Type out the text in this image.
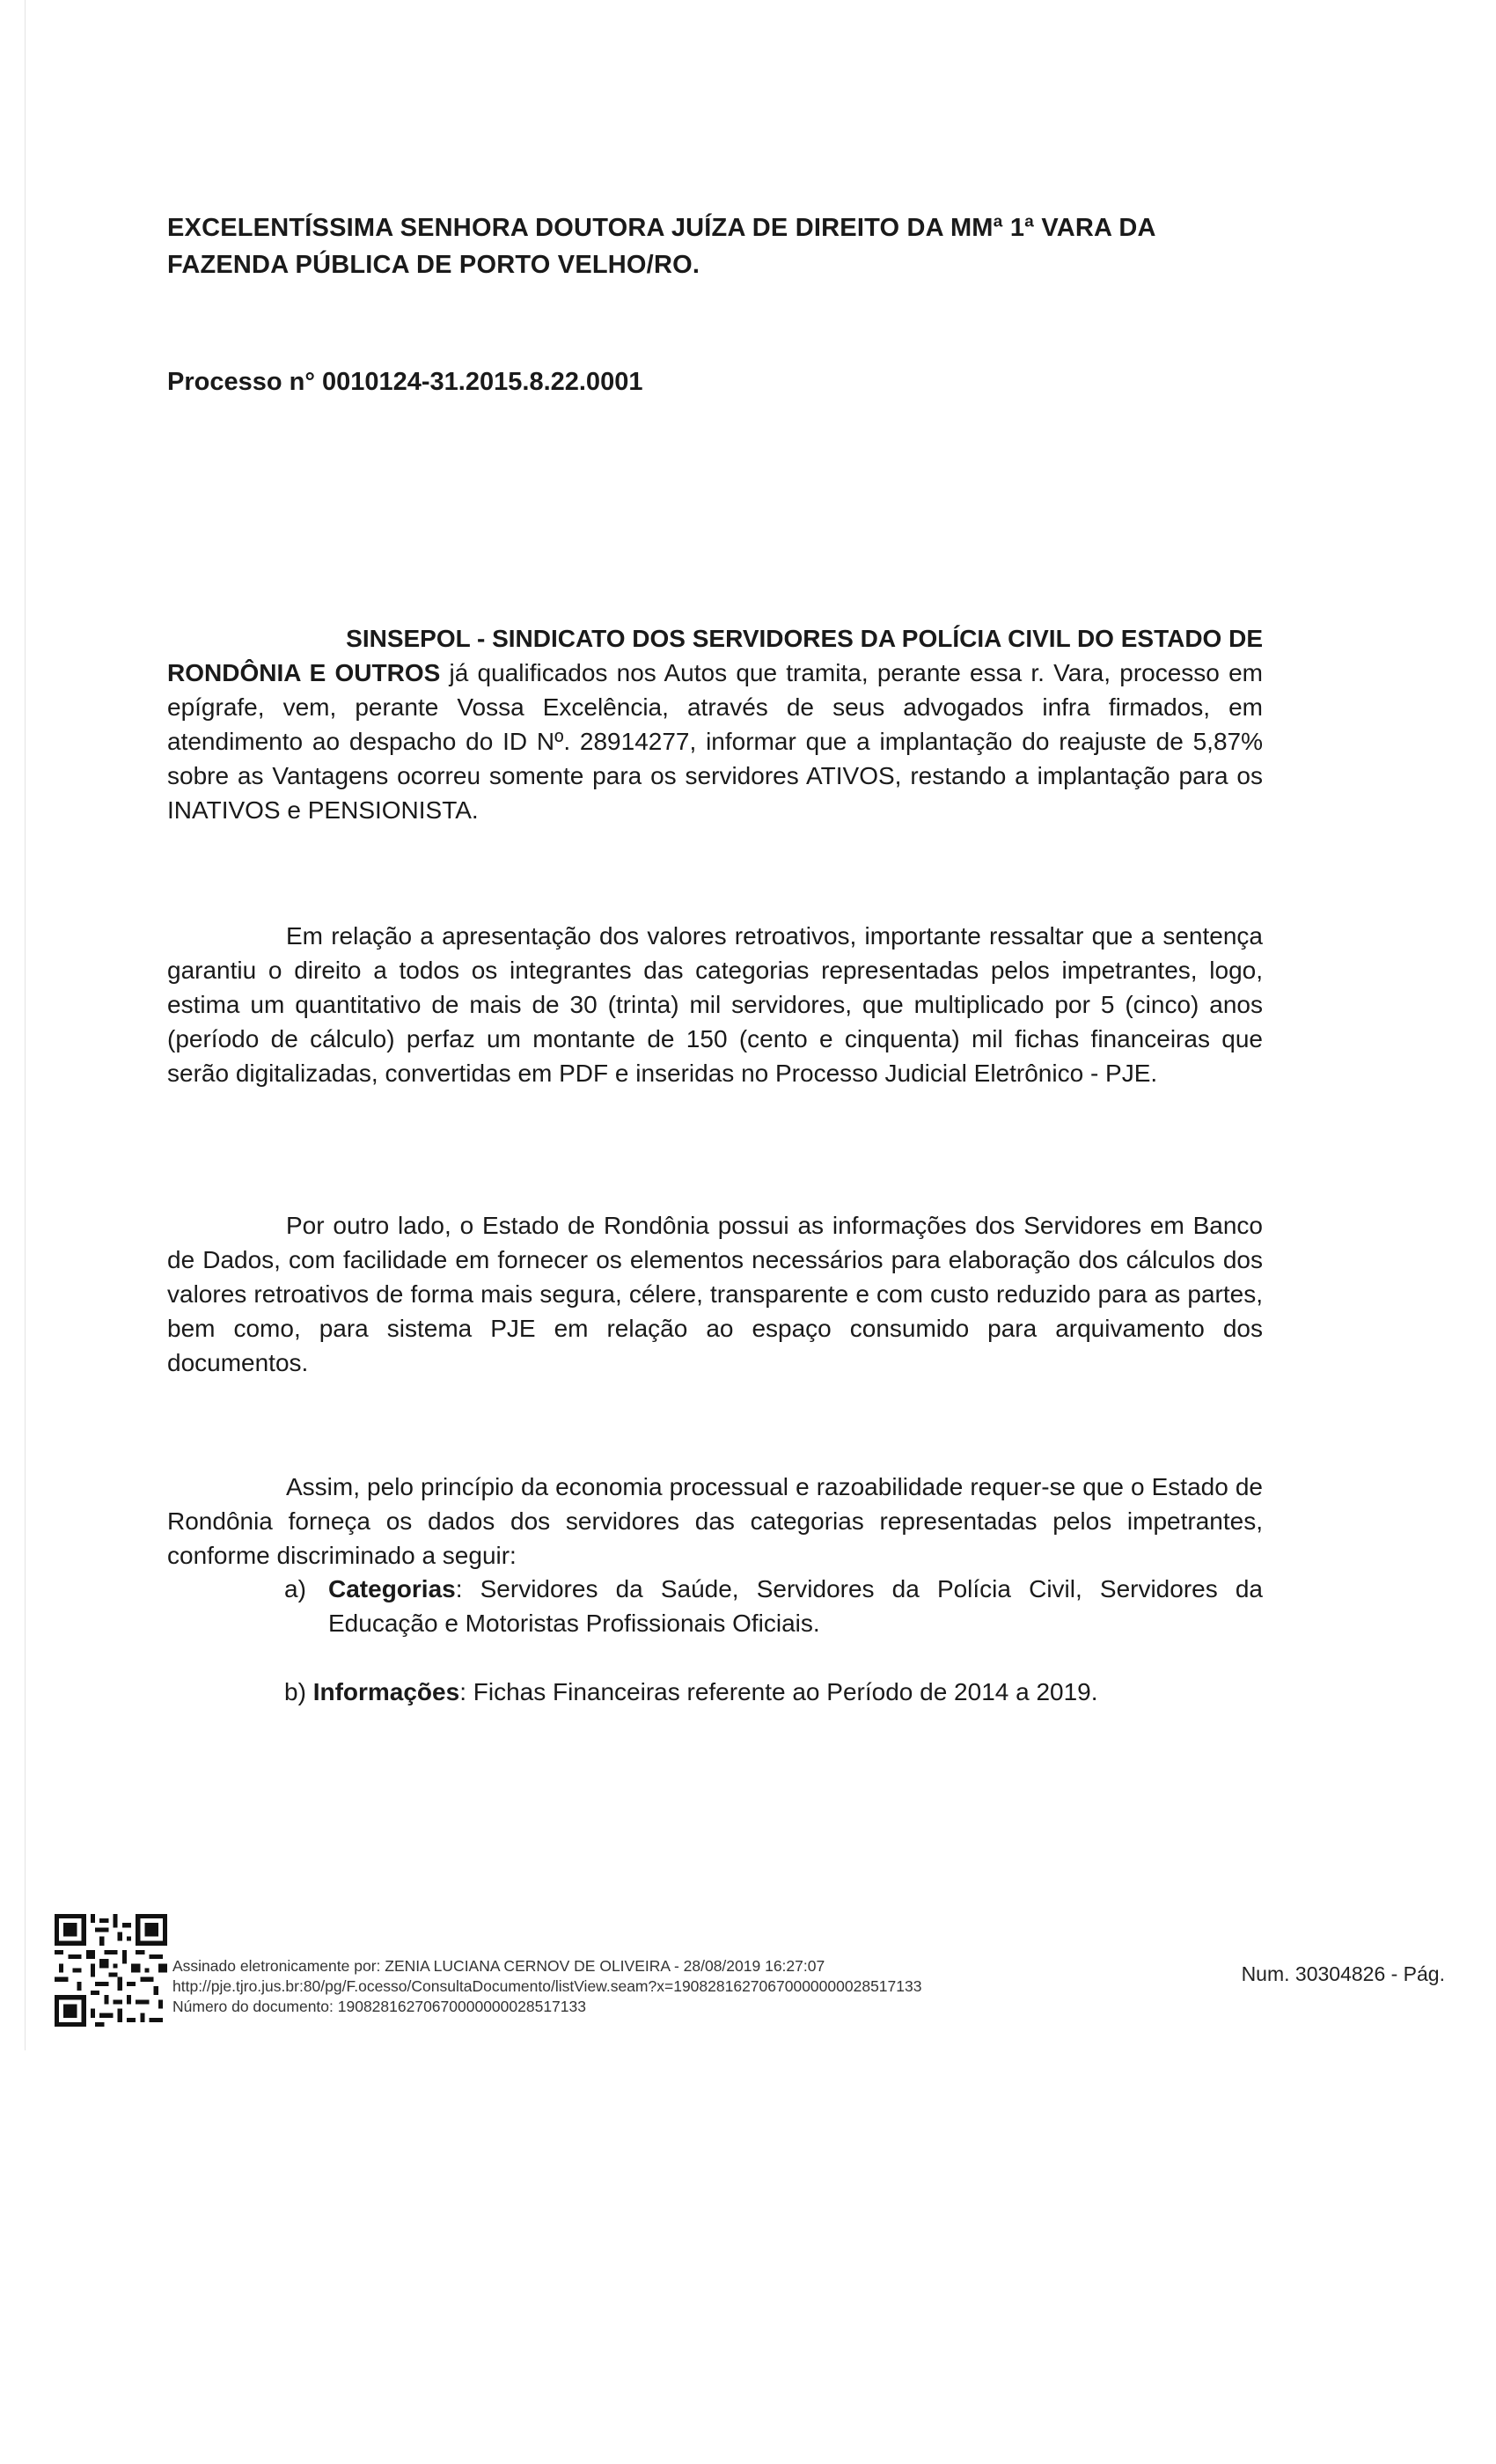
EXCELENTÍSSIMA SENHORA DOUTORA JUÍZA DE DIREITO DA MMª 1ª VARA DA
FAZENDA PÚBLICA DE PORTO VELHO/RO.

Processo n° 0010124-31.2015.8.22.0001

SINSEPOL - SINDICATO DOS SERVIDORES DA POLÍCIA CIVIL DO ESTADO DE
RONDÔNIA E OUTROS já qualificados nos Autos que tramita, perante essa r. Vara, processo em epígrafe, vem, perante Vossa Excelência, através de seus advogados infra firmados, em atendimento ao despacho do ID Nº. 28914277, informar que a implantação do reajuste de 5,87% sobre as Vantagens ocorreu somente para os servidores ATIVOS, restando a implantação para os INATIVOS e PENSIONISTA.

Em relação a apresentação dos valores retroativos, importante ressaltar que a sentença garantiu o direito a todos os integrantes das categorias representadas pelos impetrantes, logo, estima um quantitativo de mais de 30 (trinta) mil servidores, que multiplicado por 5 (cinco) anos (período de cálculo) perfaz um montante de 150 (cento e cinquenta) mil fichas financeiras que serão digitalizadas, convertidas em PDF e inseridas no Processo Judicial Eletrônico - PJE.

Por outro lado, o Estado de Rondônia possui as informações dos Servidores em Banco de Dados, com facilidade em fornecer os elementos necessários para elaboração dos cálculos dos valores retroativos de forma mais segura, célere, transparente e com custo reduzido para as partes, bem como, para sistema PJE em relação ao espaço consumido para arquivamento dos documentos.

Assim, pelo princípio da economia processual e razoabilidade requer-se que o Estado de Rondônia forneça os dados dos servidores das categorias representadas pelos impetrantes, conforme discriminado a seguir:

a) Categorias: Servidores da Saúde, Servidores da Polícia Civil, Servidores da Educação e Motoristas Profissionais Oficiais.

b) Informações: Fichas Financeiras referente ao Período de 2014 a 2019.

Assinado eletronicamente por: ZENIA LUCIANA CERNOV DE OLIVEIRA - 28/08/2019 16:27:07
http://pje.tjro.jus.br:80/pg/F.ocesso/ConsultaDocumento/listView.seam?x=19082816270670000000028517133
Número do documento: 19082816270670000000028517133

Num. 30304826 - Pág.
